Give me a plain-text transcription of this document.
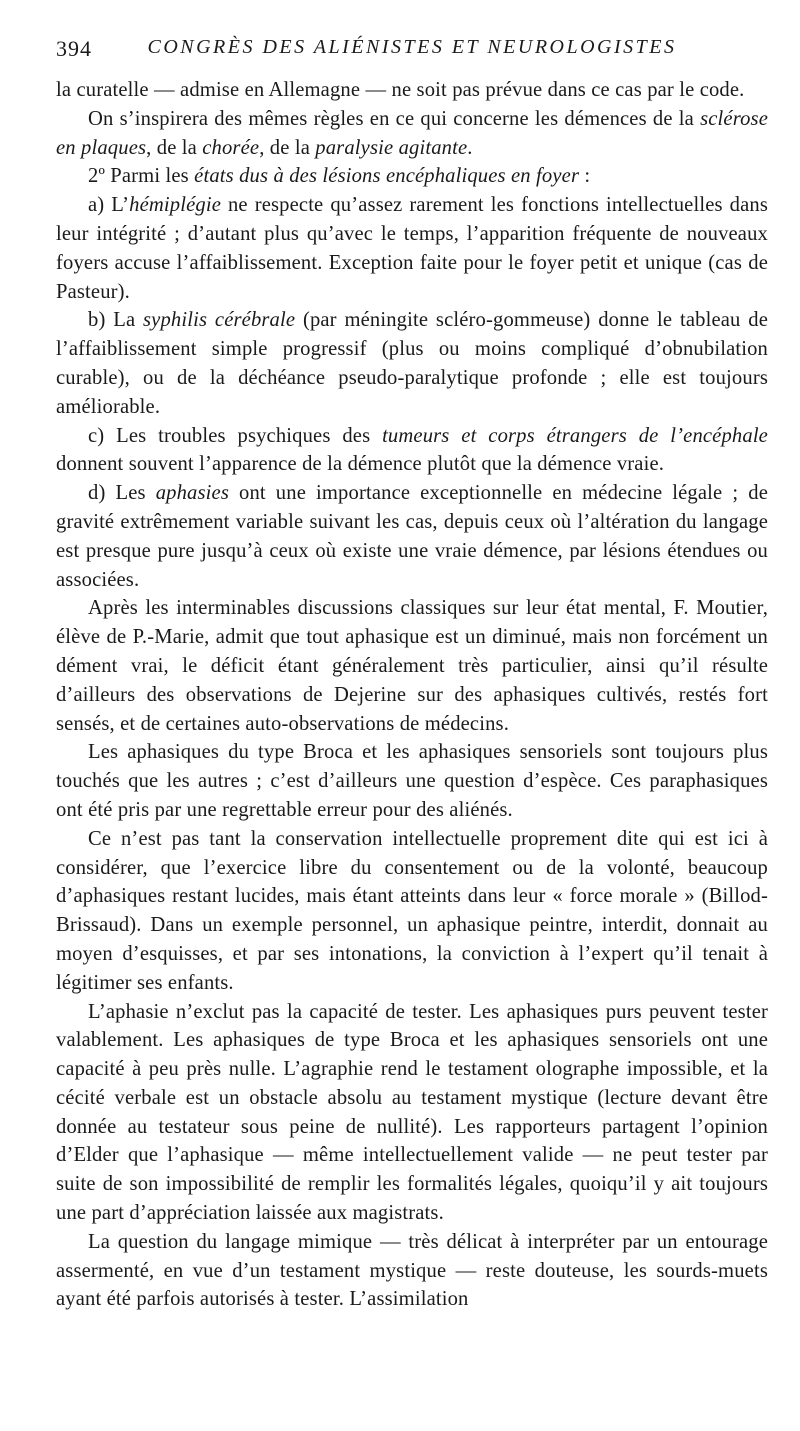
394	CONGRÈS DES ALIÉNISTES ET NEUROLOGISTES

la curatelle — admise en Allemagne — ne soit pas prévue dans ce cas par le code.

On s’inspirera des mêmes règles en ce qui concerne les démences de la sclérose en plaques, de la chorée, de la paralysie agitante.

2º Parmi les états dus à des lésions encéphaliques en foyer :

a) L’hémiplégie ne respecte qu’assez rarement les fonctions intellectuelles dans leur intégrité ; d’autant plus qu’avec le temps, l’apparition fréquente de nouveaux foyers accuse l’affaiblissement. Exception faite pour le foyer petit et unique (cas de Pasteur).

b) La syphilis cérébrale (par méningite scléro-gommeuse) donne le tableau de l’affaiblissement simple progressif (plus ou moins compliqué d’obnubilation curable), ou de la déchéance pseudo-paralytique profonde ; elle est toujours améliorable.

c) Les troubles psychiques des tumeurs et corps étrangers de l’encéphale donnent souvent l’apparence de la démence plutôt que la démence vraie.

d) Les aphasies ont une importance exceptionnelle en médecine légale ; de gravité extrêmement variable suivant les cas, depuis ceux où l’altération du langage est presque pure jusqu’à ceux où existe une vraie démence, par lésions étendues ou associées.

Après les interminables discussions classiques sur leur état mental, F. Moutier, élève de P.-Marie, admit que tout aphasique est un diminué, mais non forcément un dément vrai, le déficit étant généralement très particulier, ainsi qu’il résulte d’ailleurs des observations de Dejerine sur des aphasiques cultivés, restés fort sensés, et de certaines auto-observations de médecins.

Les aphasiques du type Broca et les aphasiques sensoriels sont toujours plus touchés que les autres ; c’est d’ailleurs une question d’espèce. Ces paraphasiques ont été pris par une regrettable erreur pour des aliénés.

Ce n’est pas tant la conservation intellectuelle proprement dite qui est ici à considérer, que l’exercice libre du consentement ou de la volonté, beaucoup d’aphasiques restant lucides, mais étant atteints dans leur « force morale » (Billod-Brissaud). Dans un exemple personnel, un aphasique peintre, interdit, donnait au moyen d’esquisses, et par ses intonations, la conviction à l’expert qu’il tenait à légitimer ses enfants.

L’aphasie n’exclut pas la capacité de tester. Les aphasiques purs peuvent tester valablement. Les aphasiques de type Broca et les aphasiques sensoriels ont une capacité à peu près nulle. L’agraphie rend le testament olographe impossible, et la cécité verbale est un obstacle absolu au testament mystique (lecture devant être donnée au testateur sous peine de nullité). Les rapporteurs partagent l’opinion d’Elder que l’aphasique — même intellectuellement valide — ne peut tester par suite de son impossibilité de remplir les formalités légales, quoiqu’il y ait toujours une part d’appréciation laissée aux magistrats.

La question du langage mimique — très délicat à interpréter par un entourage assermenté, en vue d’un testament mystique — reste douteuse, les sourds-muets ayant été parfois autorisés à tester. L’assimilation
